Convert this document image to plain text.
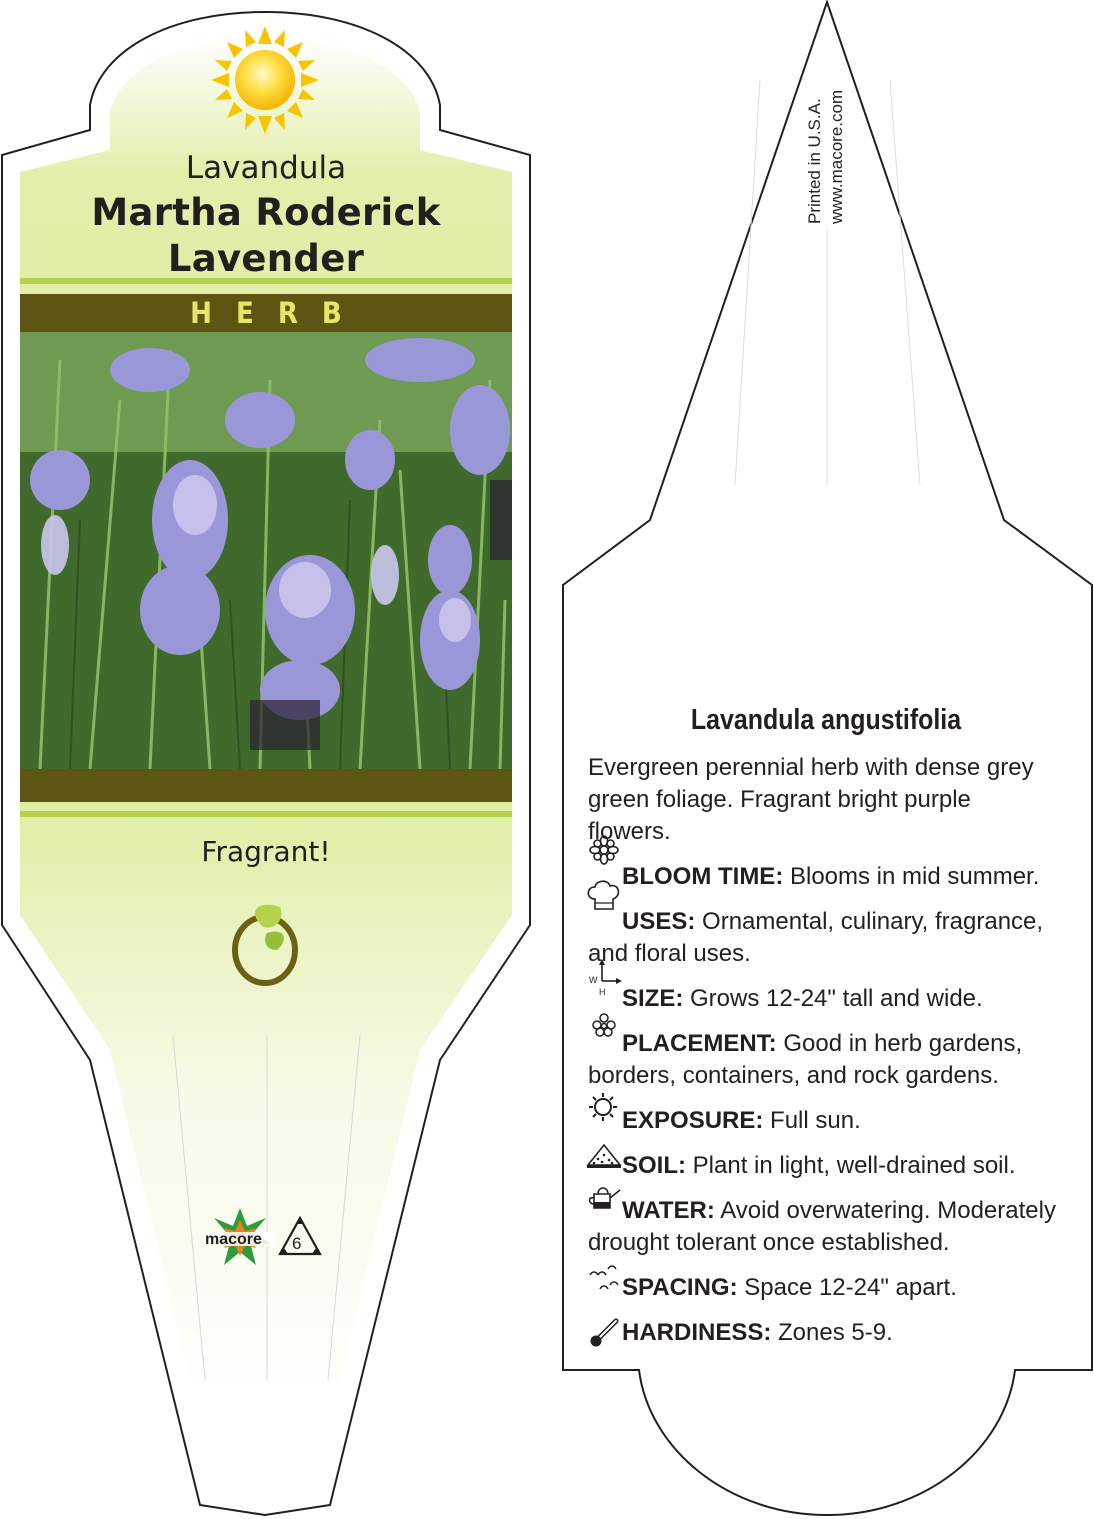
W
H
Lavandula
Martha Roderick
Lavender
HERB
Fragrant!
macore 6
Printed in U.S.A. www.macore.com
Lavandula angustifolia
Evergreen perennial herb with dense grey green foliage. Fragrant bright purple flowers.
BLOOM TIME: Blooms in mid summer.
USES: Ornamental, culinary, fragrance, and floral uses.
SIZE: Grows 12-24" tall and wide.
PLACEMENT: Good in herb gardens, borders, containers, and rock gardens.
EXPOSURE: Full sun.
SOIL: Plant in light, well-drained soil.
WATER: Avoid overwatering. Moderately drought tolerant once established.
SPACING: Space 12-24" apart.
HARDINESS: Zones 5-9.
